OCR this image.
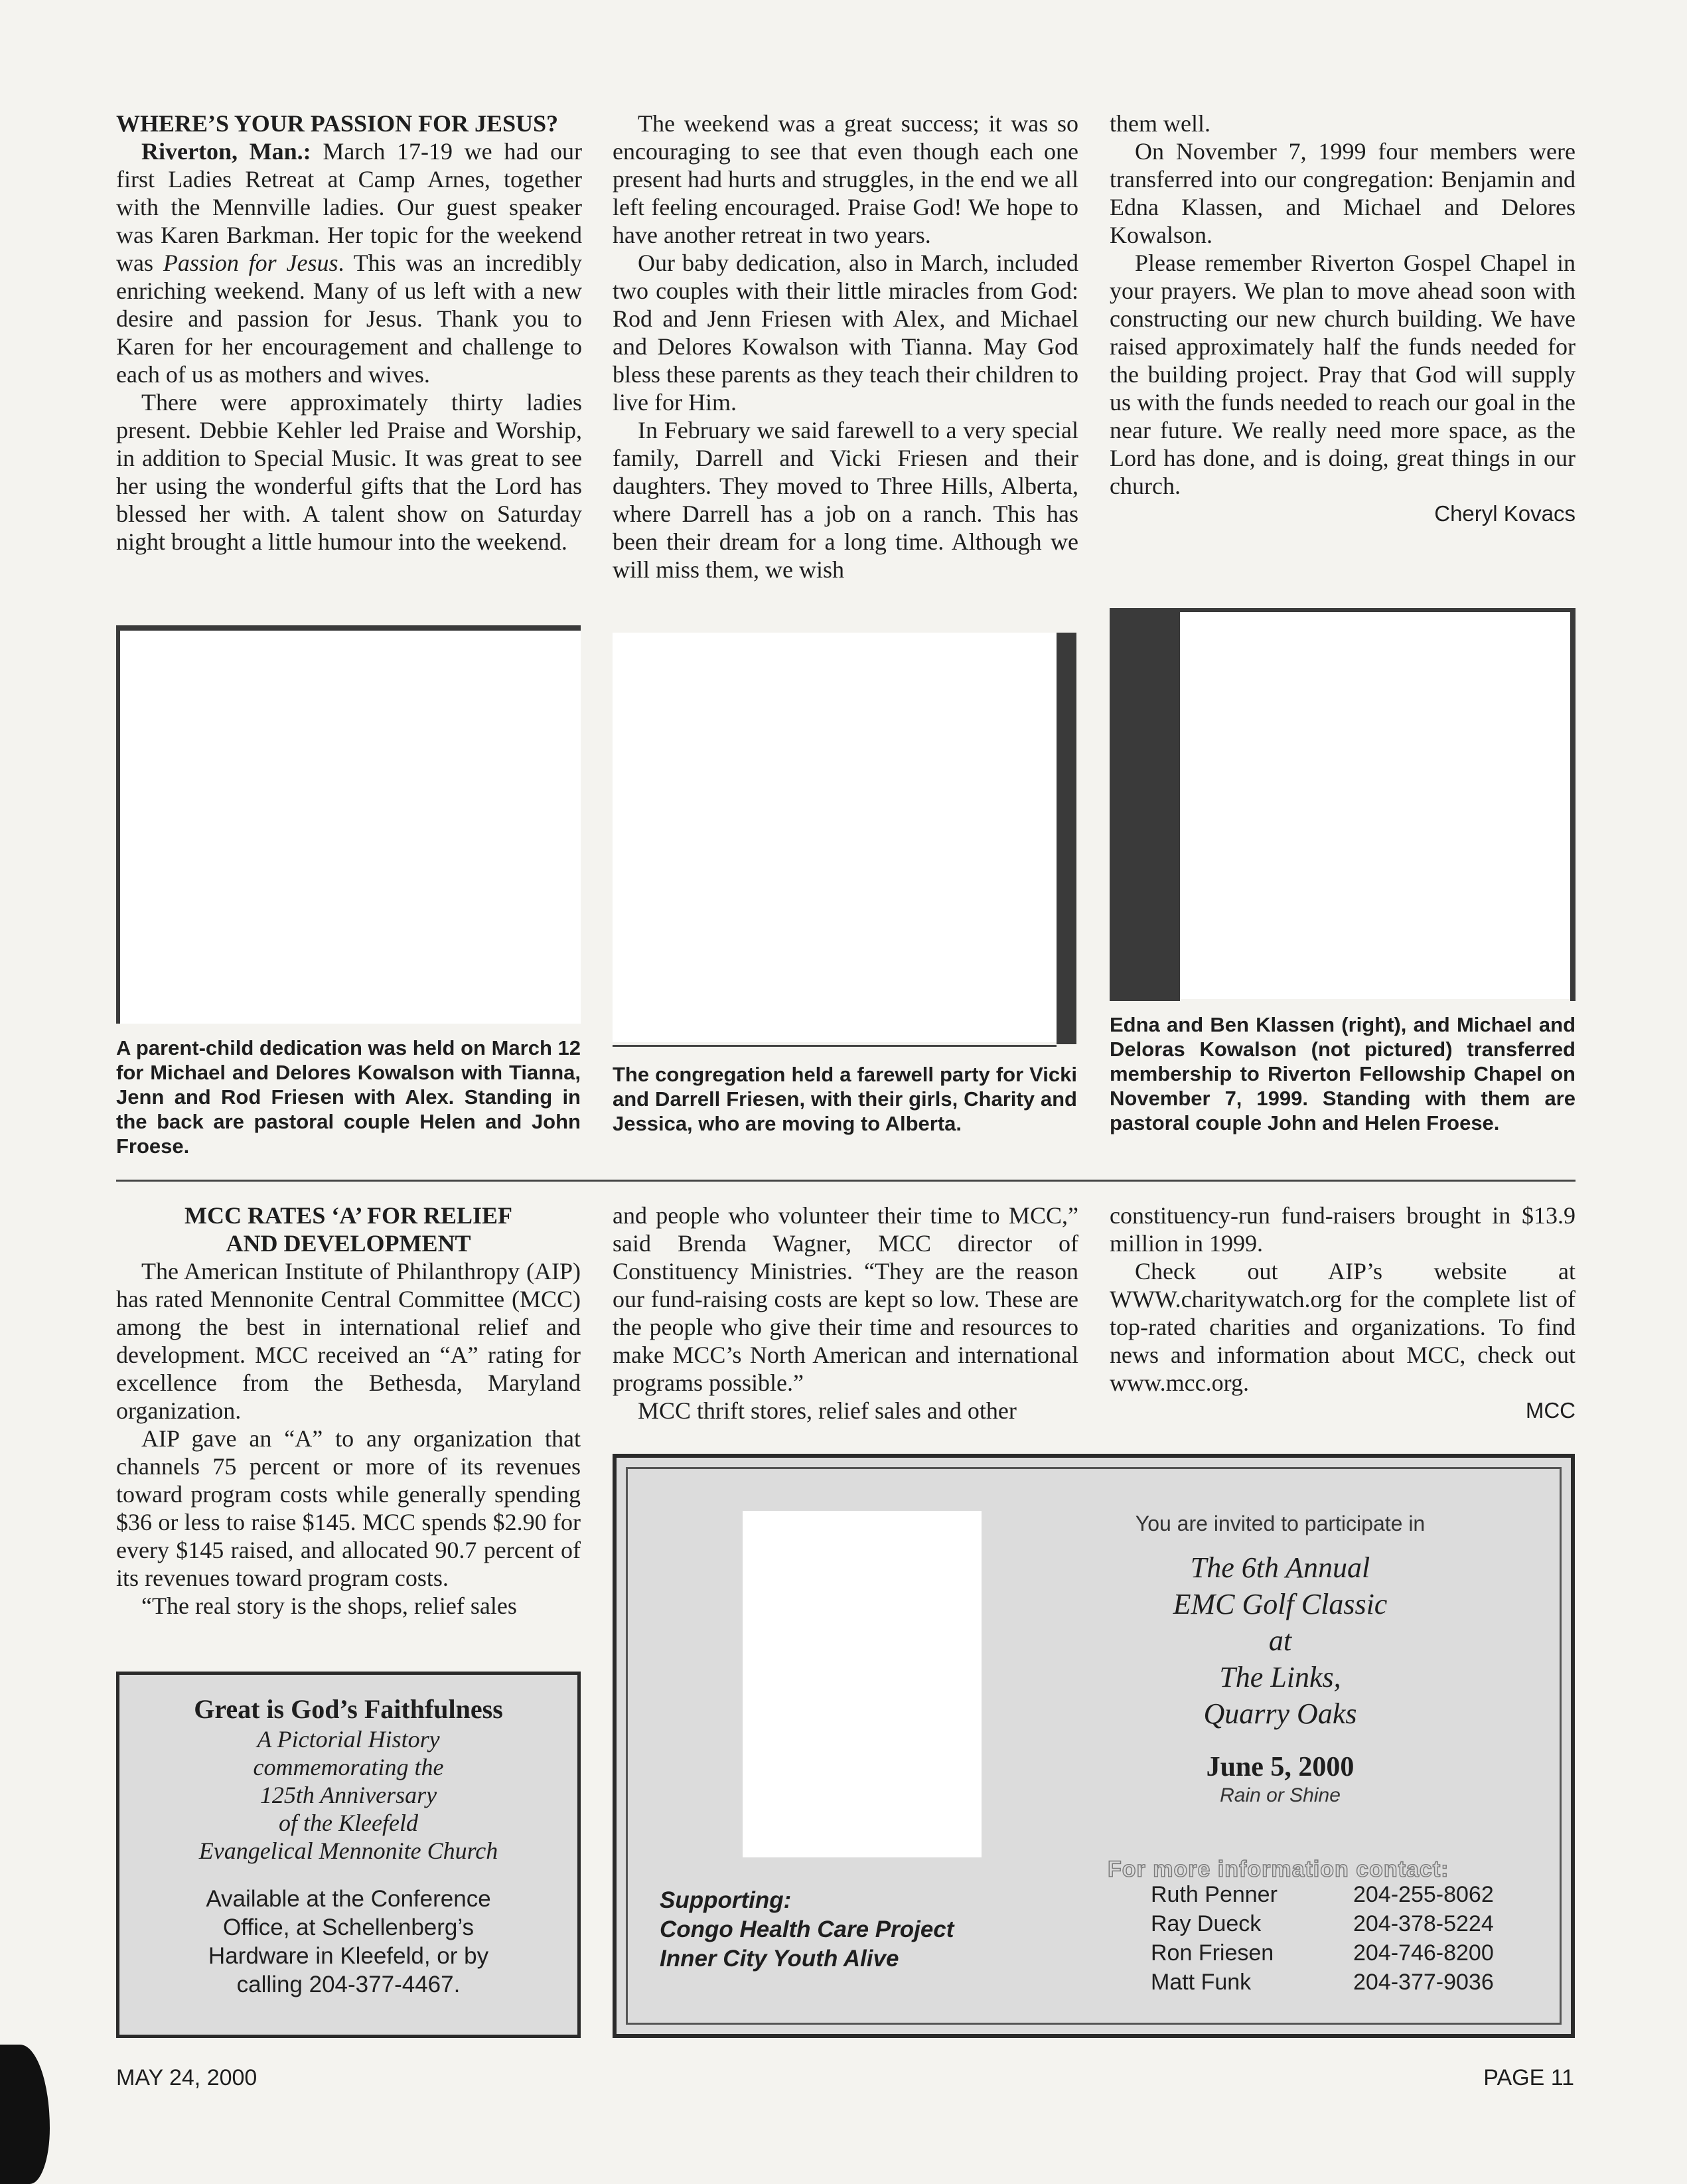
WHERE’S YOUR PASSION FOR JESUS?

Riverton, Man.: March 17-19 we had our first Ladies Retreat at Camp Arnes, together with the Mennville ladies. Our guest speaker was Karen Barkman. Her topic for the weekend was Passion for Jesus. This was an incredibly enriching weekend. Many of us left with a new desire and passion for Jesus. Thank you to Karen for her encouragement and challenge to each of us as mothers and wives.

There were approximately thirty ladies present. Debbie Kehler led Praise and Worship, in addition to Special Music. It was great to see her using the wonderful gifts that the Lord has blessed her with. A talent show on Saturday night brought a little humour into the weekend.

The weekend was a great success; it was so encouraging to see that even though each one present had hurts and struggles, in the end we all left feeling encouraged. Praise God! We hope to have another retreat in two years.

Our baby dedication, also in March, included two couples with their little miracles from God: Rod and Jenn Friesen with Alex, and Michael and Delores Kowalson with Tianna. May God bless these parents as they teach their children to live for Him.

In February we said farewell to a very special family, Darrell and Vicki Friesen and their daughters. They moved to Three Hills, Alberta, where Darrell has a job on a ranch. This has been their dream for a long time. Although we will miss them, we wish

them well.

On November 7, 1999 four members were transferred into our congregation: Benjamin and Edna Klassen, and Michael and Delores Kowalson.

Please remember Riverton Gospel Chapel in your prayers. We plan to move ahead soon with constructing our new church building. We have raised approximately half the funds needed for the building project. Pray that God will supply us with the funds needed to reach our goal in the near future. We really need more space, as the Lord has done, and is doing, great things in our church.

Cheryl Kovacs
A parent-child dedication was held on March 12 for Michael and Delores Kowalson with Tianna, Jenn and Rod Friesen with Alex. Standing in the back are pastoral couple Helen and John Froese.
The congregation held a farewell party for Vicki and Darrell Friesen, with their girls, Charity and Jessica, who are moving to Alberta.
Edna and Ben Klassen (right), and Michael and Deloras Kowalson (not pictured) transferred membership to Riverton Fellowship Chapel on November 7, 1999. Standing with them are pastoral couple John and Helen Froese.
MCC RATES ‘A’ FOR RELIEF
AND DEVELOPMENT

The American Institute of Philanthropy (AIP) has rated Mennonite Central Committee (MCC) among the best in international relief and development. MCC received an “A” rating for excellence from the Bethesda, Maryland organization.

AIP gave an “A” to any organization that channels 75 percent or more of its revenues toward program costs while generally spending $36 or less to raise $145. MCC spends $2.90 for every $145 raised, and allocated 90.7 percent of its revenues toward program costs.

“The real story is the shops, relief sales

and people who volunteer their time to MCC,” said Brenda Wagner, MCC director of Constituency Ministries. “They are the reason our fund-raising costs are kept so low. These are the people who give their time and resources to make MCC’s North American and international programs possible.”

MCC thrift stores, relief sales and other

constituency-run fund-raisers brought in $13.9 million in 1999.

Check out AIP’s website at WWW.charitywatch.org for the complete list of top-rated charities and organizations. To find news and information about MCC, check out www.mcc.org.

MCC
Great is God’s Faithfulness
A Pictorial History
commemorating the
125th Anniversary
of the Kleefeld
Evangelical Mennonite Church
Available at the Conference
Office, at Schellenberg’s
Hardware in Kleefeld, or by
calling 204-377-4467.
You are invited to participate in
The 6th Annual
EMC Golf Classic
at
The Links,
Quarry Oaks
June 5, 2000
Rain or Shine
For more information contact:
Ruth Penner	204-255-8062
Ray Dueck	204-378-5224
Ron Friesen	204-746-8200
Matt Funk	204-377-9036
Supporting:
Congo Health Care Project
Inner City Youth Alive
MAY 24, 2000	PAGE 11
